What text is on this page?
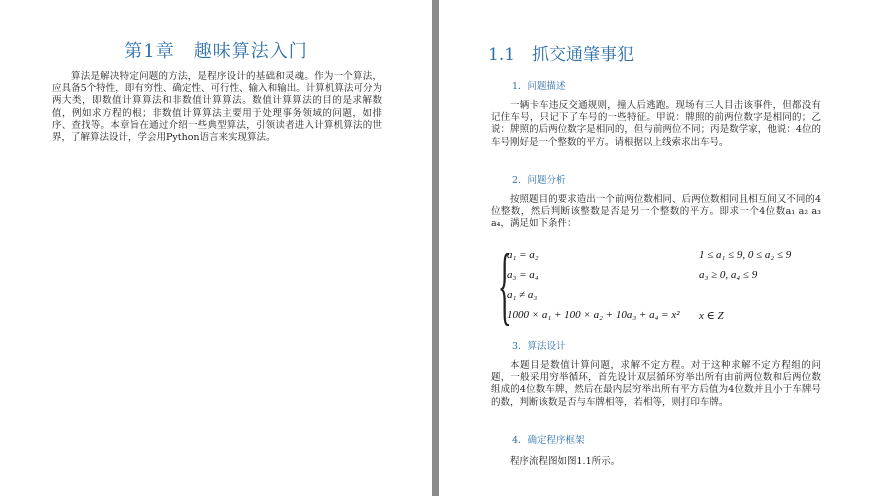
第1章　趣味算法入门

算法是解决特定问题的方法，是程序设计的基础和灵魂。作为一个算法，应具备5个特性，即有穷性、确定性、可行性、输入和输出。计算机算法可分为两大类，即数值计算算法和非数值计算算法。数值计算算法的目的是求解数值，例如求方程的根；非数值计算算法主要用于处理事务领域的问题，如排序、查找等。本章旨在通过介绍一些典型算法，引领读者进入计算机算法的世界，了解算法设计，学会用Python语言来实现算法。

1.1　抓交通肇事犯
1．问题描述

一辆卡车违反交通规则，撞人后逃跑。现场有三人目击该事件，但都没有记住车号，只记下了车号的一些特征。甲说：牌照的前两位数字是相同的；乙说：牌照的后两位数字是相同的，但与前两位不同；丙是数学家，他说：4位的车号刚好是一个整数的平方。请根据以上线索求出车号。

2．问题分析

按照题目的要求造出一个前两位数相同、后两位数相同且相互间又不同的4位整数，然后判断该整数是否是另一个整数的平方。即求一个4位数a₁ a₂ a₃ a₄，满足如下条件：

{
a₁ = a₂
a₃ = a₄
a₁ ≠ a₃
1000 × a₁ + 100 × a₂ + 10a₃ + a₄ = x²
1 ≤ a₁ ≤ 9, 0 ≤ a₂ ≤ 9
a₃ ≥ 0, a₄ ≤ 9
x ∈ Z
3．算法设计

本题目是数值计算问题，求解不定方程。对于这种求解不定方程组的问题，一般采用穷举循环，首先设计双层循环穷举出所有由前两位数和后两位数组成的4位数车牌，然后在最内层穷举出所有平方后值为4位数并且小于车牌号的数，判断该数是否与车牌相等，若相等，则打印车牌。

4．确定程序框架

程序流程图如图1.1所示。
